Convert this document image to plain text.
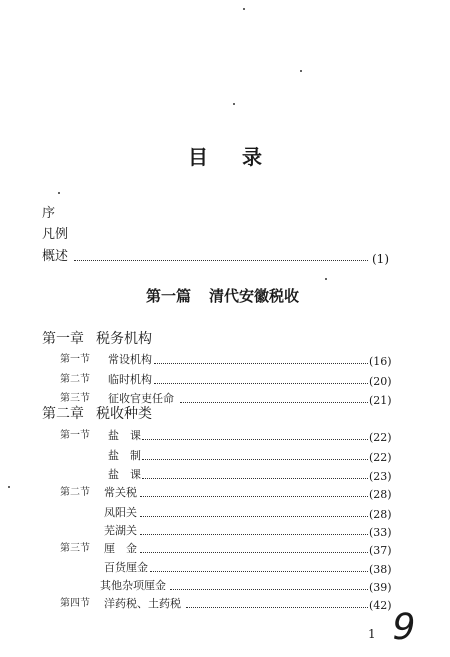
目 录
序
凡例
概述	(1)
第一篇 清代安徽税收
第一章 税务机构
第一节 常设机构	(16)
第二节 临时机构	(20)
第三节 征收官吏任命	(21)
第二章 税收种类
第一节 盐　课	(22)
盐　制	(22)
盐　课	(23)
第二节 常关税	(28)
凤阳关	(28)
芜湖关	(33)
第三节 厘　金	(37)
百货厘金	(38)
其他杂项厘金	(39)
第四节 洋药税、土药税	(42)
1 9
